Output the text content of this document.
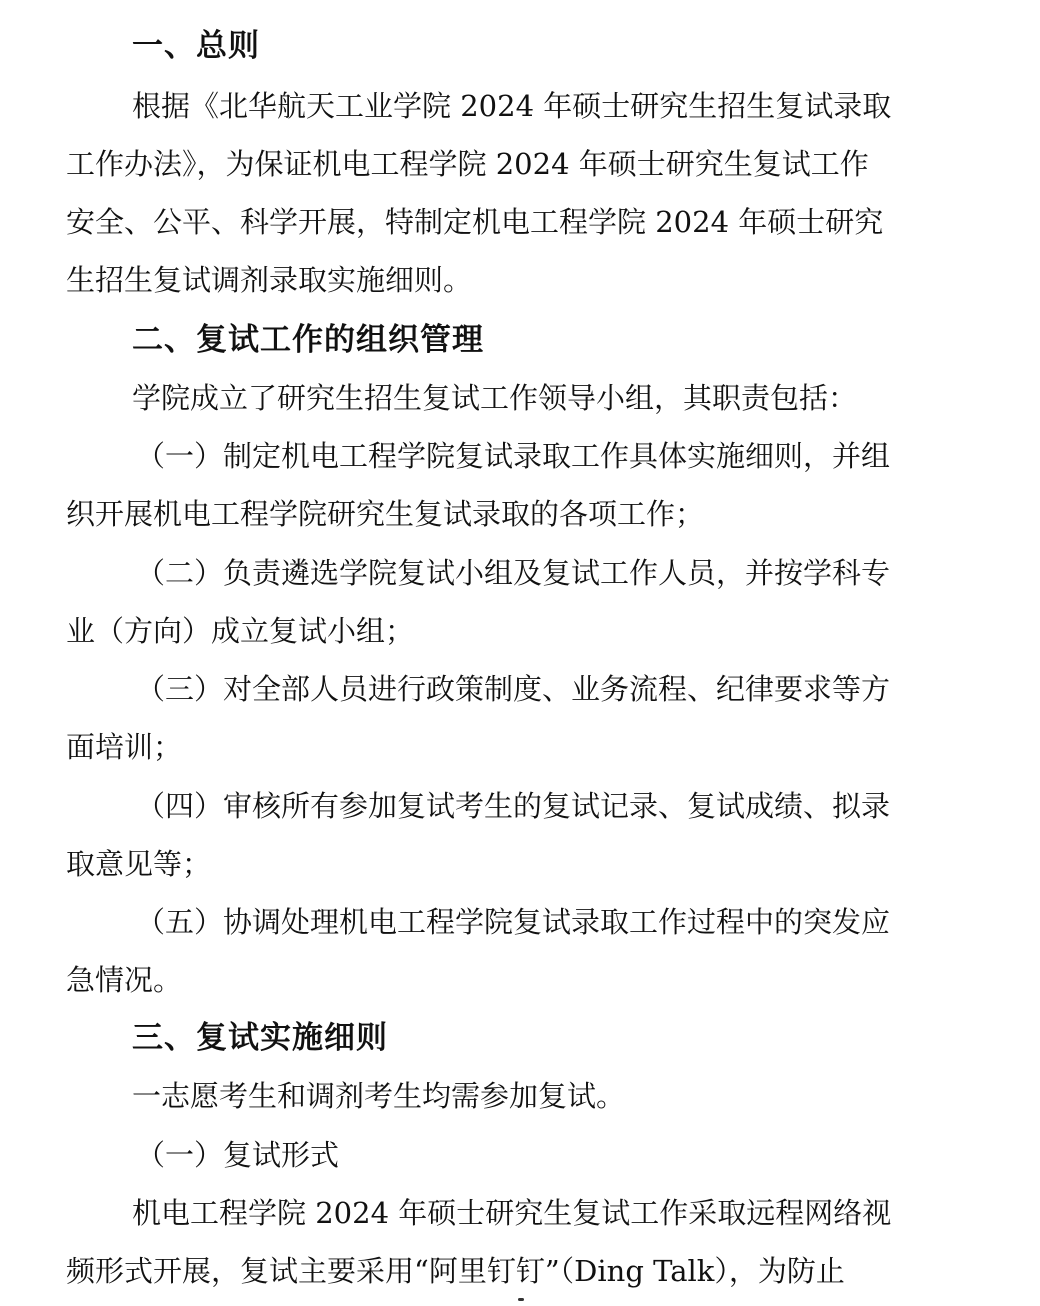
一、总则
根据《北华航天工业学院 2024 年硕士研究生招生复试录取
工作办法》，为保证机电工程学院 2024 年硕士研究生复试工作
安全、公平、科学开展，特制定机电工程学院 2024 年硕士研究
生招生复试调剂录取实施细则。
二、复试工作的组织管理
学院成立了研究生招生复试工作领导小组，其职责包括：
（一）制定机电工程学院复试录取工作具体实施细则，并组
织开展机电工程学院研究生复试录取的各项工作；
（二）负责遴选学院复试小组及复试工作人员，并按学科专
业（方向）成立复试小组；
（三）对全部人员进行政策制度、业务流程、纪律要求等方
面培训；
（四）审核所有参加复试考生的复试记录、复试成绩、拟录
取意见等；
（五）协调处理机电工程学院复试录取工作过程中的突发应
急情况。
三、复试实施细则
一志愿考生和调剂考生均需参加复试。
（一）复试形式
机电工程学院 2024 年硕士研究生复试工作采取远程网络视
频形式开展，复试主要采用“阿里钉钉”（Ding Talk），为防止
